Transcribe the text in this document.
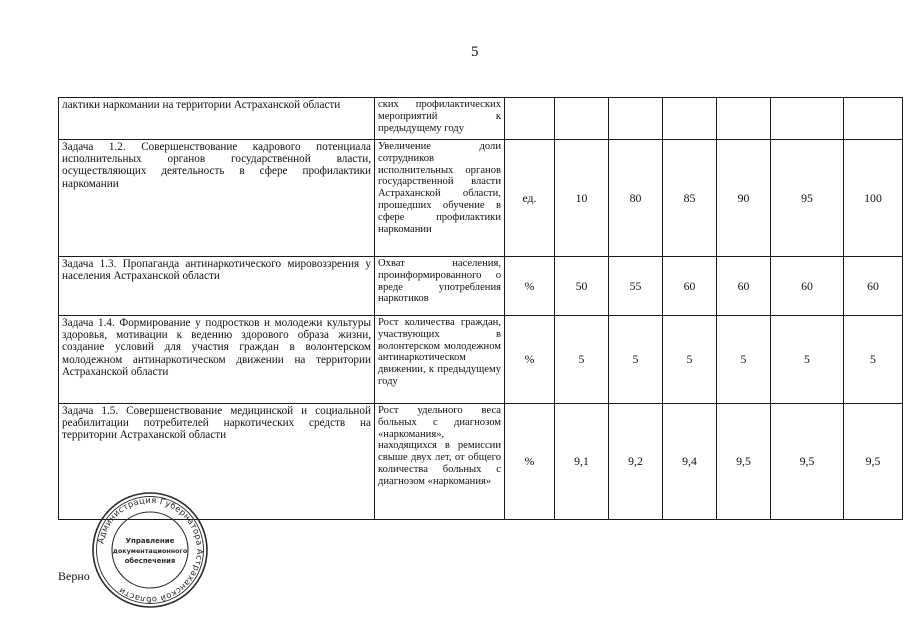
5
лактики наркомании на территории Астраханской области	ских профилактических мероприятий к предыдущему году							
Задача 1.2. Совершенствование кадрового потенциала исполнительных органов государственной власти, осуществляющих деятельность в сфере профилактики наркомании	Увеличение доли сотрудников исполнительных органов государственной власти Астраханской области, прошедших обучение в сфере профилактики наркомании	ед.	10	80	85	90	95	100
Задача 1.3. Пропаганда антинаркотического мировоззрения у населения Астраханской области	Охват населения, проинформированного о вреде употребления наркотиков	%	50	55	60	60	60	60
Задача 1.4. Формирование у подростков и молодежи культуры здоровья, мотивации к ведению здорового образа жизни, создание условий для участия граждан в волонтерском молодежном антинаркотическом движении на территории Астраханской области	Рост количества граждан, участвующих в волонтерском молодежном антинаркотическом движении, к предыдущему году	%	5	5	5	5	5	5
Задача 1.5. Совершенствование медицинской и социальной реабилитации потребителей наркотических средств на территории Астраханской области	Рост удельного веса больных с диагнозом «наркомания», находящихся в ремиссии свыше двух лет, от общего количества больных с диагнозом «наркомания»	%	9,1	9,2	9,4	9,5	9,5	9,5
Администрация Губернатора Астраханской области
Управление
документационного
обеспечения
Верно
